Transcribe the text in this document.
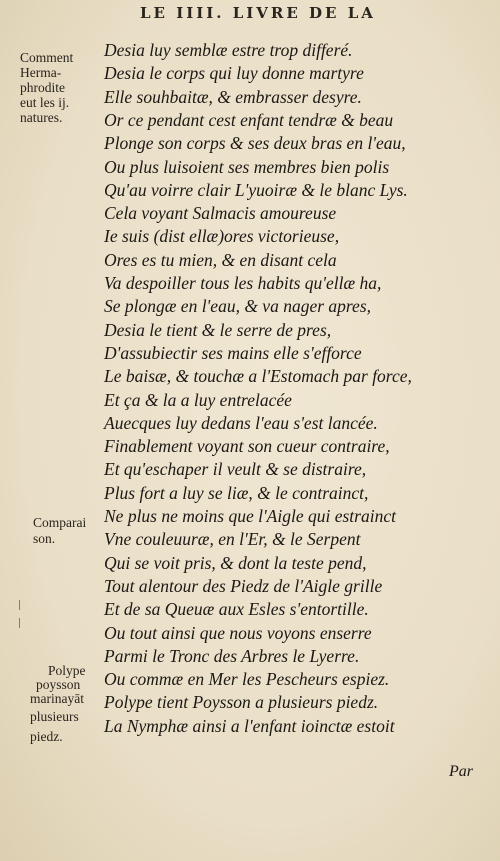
LE IIII. LIVRE DE LA
Comment
Herma-
phrodite
eut les ij.
natures.
Comparai
son.
Polype
poysson
marinayāt
plusieurs
piedz.
Desia luy semblæ estre trop differé.
Desia le corps qui luy donne martyre
Elle souhbaitæ, & embrasser desyre.
Or ce pendant cest enfant tendræ & beau
Plonge son corps & ses deux bras en l'eau,
Ou plus luisoient ses membres bien polis
Qu'au voirre clair L'yuoiræ & le blanc Lys.
Cela voyant Salmacis amoureuse
Ie suis (dist ellæ)ores victorieuse,
Ores es tu mien, & en disant cela
Va despoiller tous les habits qu'ellæ ha,
Se plongæ en l'eau, & va nager apres,
Desia le tient & le serre de pres,
D'assubiectir ses mains elle s'efforce
Le baisæ, & touchæ a l'Estomach par force,
Et ça & la a luy entrelacée
Auecques luy dedans l'eau s'est lancée.
Finablement voyant son cueur contraire,
Et qu'eschaper il veult & se distraire,
Plus fort a luy se liæ, & le contrainct,
Ne plus ne moins que l'Aigle qui estrainct
Vne couleuuræ, en l'Er, & le Serpent
Qui se voit pris, & dont la teste pend,
Tout alentour des Piedz de l'Aigle grille
Et de sa Queuæ aux Esles s'entortille.
Ou tout ainsi que nous voyons enserre
Parmi le Tronc des Arbres le Lyerre.
Ou commæ en Mer les Pescheurs espiez.
Polype tient Poysson a plusieurs piedz.
La Nymphæ ainsi a l'enfant ioinctæ estoit
Par
